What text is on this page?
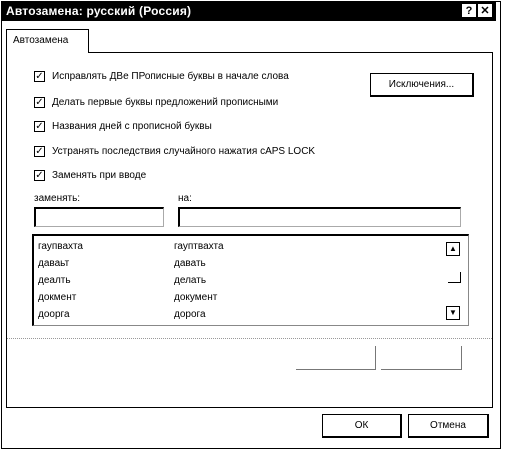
Автозамена: русский (Россия)	? ✕
Автозамена
✓ Исправлять ДВе ПРописные буквы в начале слова
✓ Делать первые буквы предложений прописными
✓ Названия дней с прописной буквы
✓ Устранять последствия случайного нажатия cAPS LOCK
✓ Заменять при вводе
Исключения...
заменять:	на:
гаупвахта	гауптвахта
даваьт	давать
деалть	делать
докмент	документ
доорга	дорога
▲
▼
ОК	Отмена
